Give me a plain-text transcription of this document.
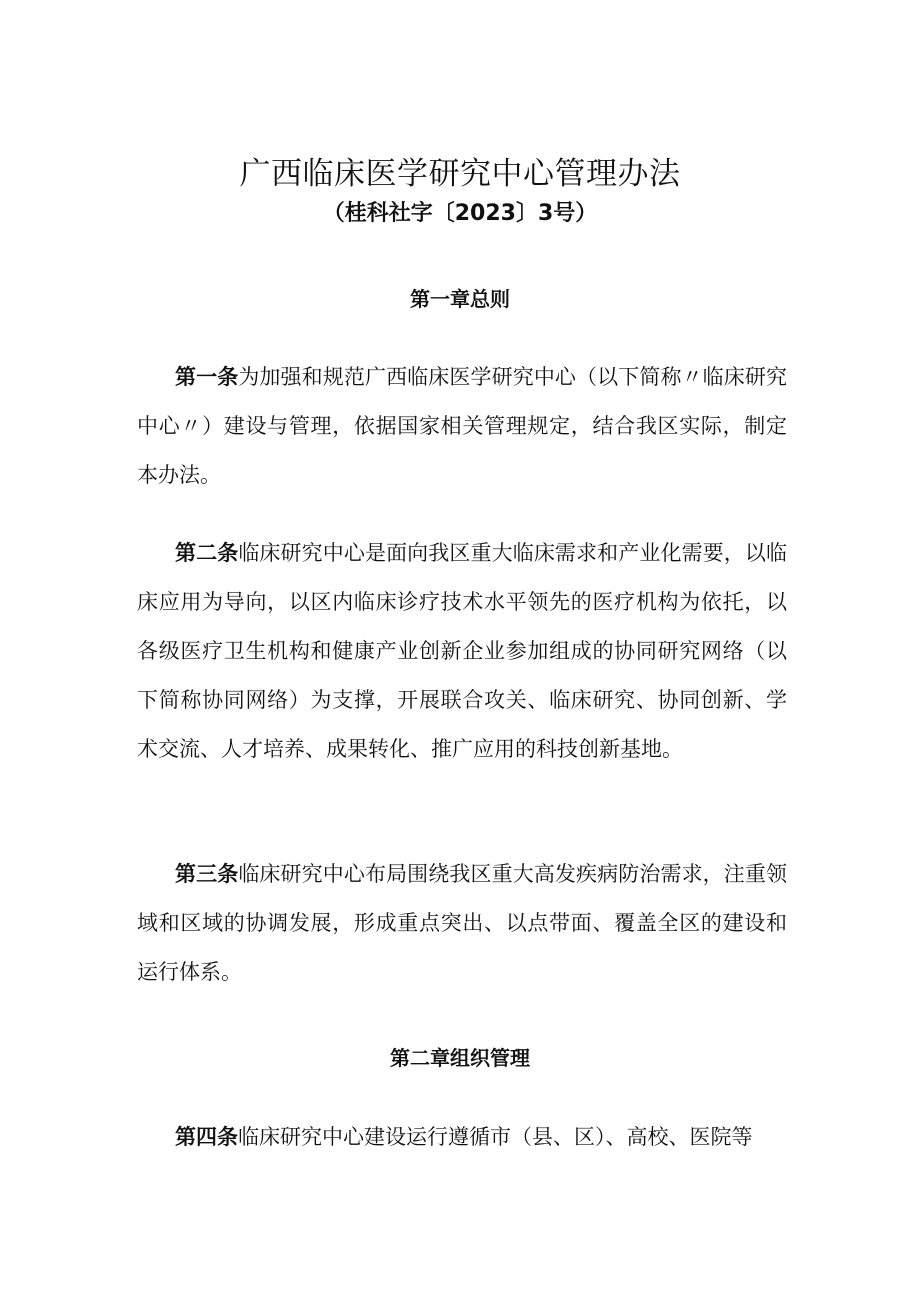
广西临床医学研究中心管理办法
（桂科社字〔2023〕3号）
第一章总则

第一条为加强和规范广西临床医学研究中心（以下简称〃临床研究中心〃）建设与管理，依据国家相关管理规定，结合我区实际，制定本办法。

第二条临床研究中心是面向我区重大临床需求和产业化需要，以临床应用为导向，以区内临床诊疗技术水平领先的医疗机构为依托，以各级医疗卫生机构和健康产业创新企业参加组成的协同研究网络（以下简称协同网络）为支撑，开展联合攻关、临床研究、协同创新、学术交流、人才培养、成果转化、推广应用的科技创新基地。

第三条临床研究中心布局围绕我区重大高发疾病防治需求，注重领域和区域的协调发展，形成重点突出、以点带面、覆盖全区的建设和运行体系。

第二章组织管理

第四条临床研究中心建设运行遵循市（县、区）、高校、医院等
